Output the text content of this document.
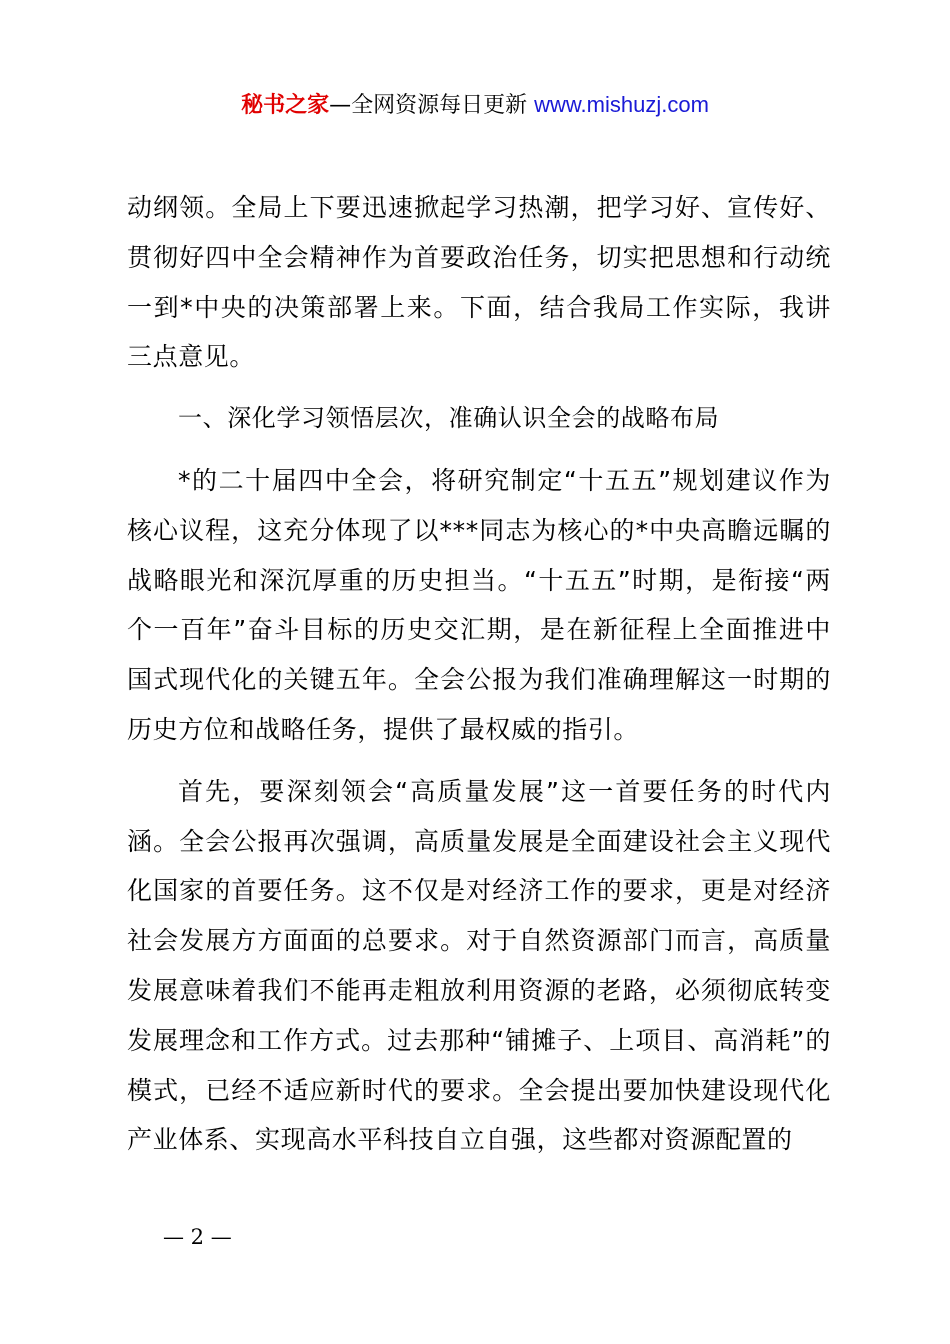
秘书之家—全网资源每日更新 www.mishuzj.com

动纲领。全局上下要迅速掀起学习热潮，把学习好、宣传好、贯彻好四中全会精神作为首要政治任务，切实把思想和行动统一到*中央的决策部署上来。下面，结合我局工作实际，我讲三点意见。

一、深化学习领悟层次，准确认识全会的战略布局

*的二十届四中全会，将研究制定“十五五”规划建议作为核心议程，这充分体现了以***同志为核心的*中央高瞻远瞩的战略眼光和深沉厚重的历史担当。“十五五”时期，是衔接“两个一百年”奋斗目标的历史交汇期，是在新征程上全面推进中国式现代化的关键五年。全会公报为我们准确理解这一时期的历史方位和战略任务，提供了最权威的指引。

首先，要深刻领会“高质量发展”这一首要任务的时代内涵。全会公报再次强调，高质量发展是全面建设社会主义现代化国家的首要任务。这不仅是对经济工作的要求，更是对经济社会发展方方面面的总要求。对于自然资源部门而言，高质量发展意味着我们不能再走粗放利用资源的老路，必须彻底转变发展理念和工作方式。过去那种“铺摊子、上项目、高消耗”的模式，已经不适应新时代的要求。全会提出要加快建设现代化产业体系、实现高水平科技自立自强，这些都对资源配置的

— 2 —
